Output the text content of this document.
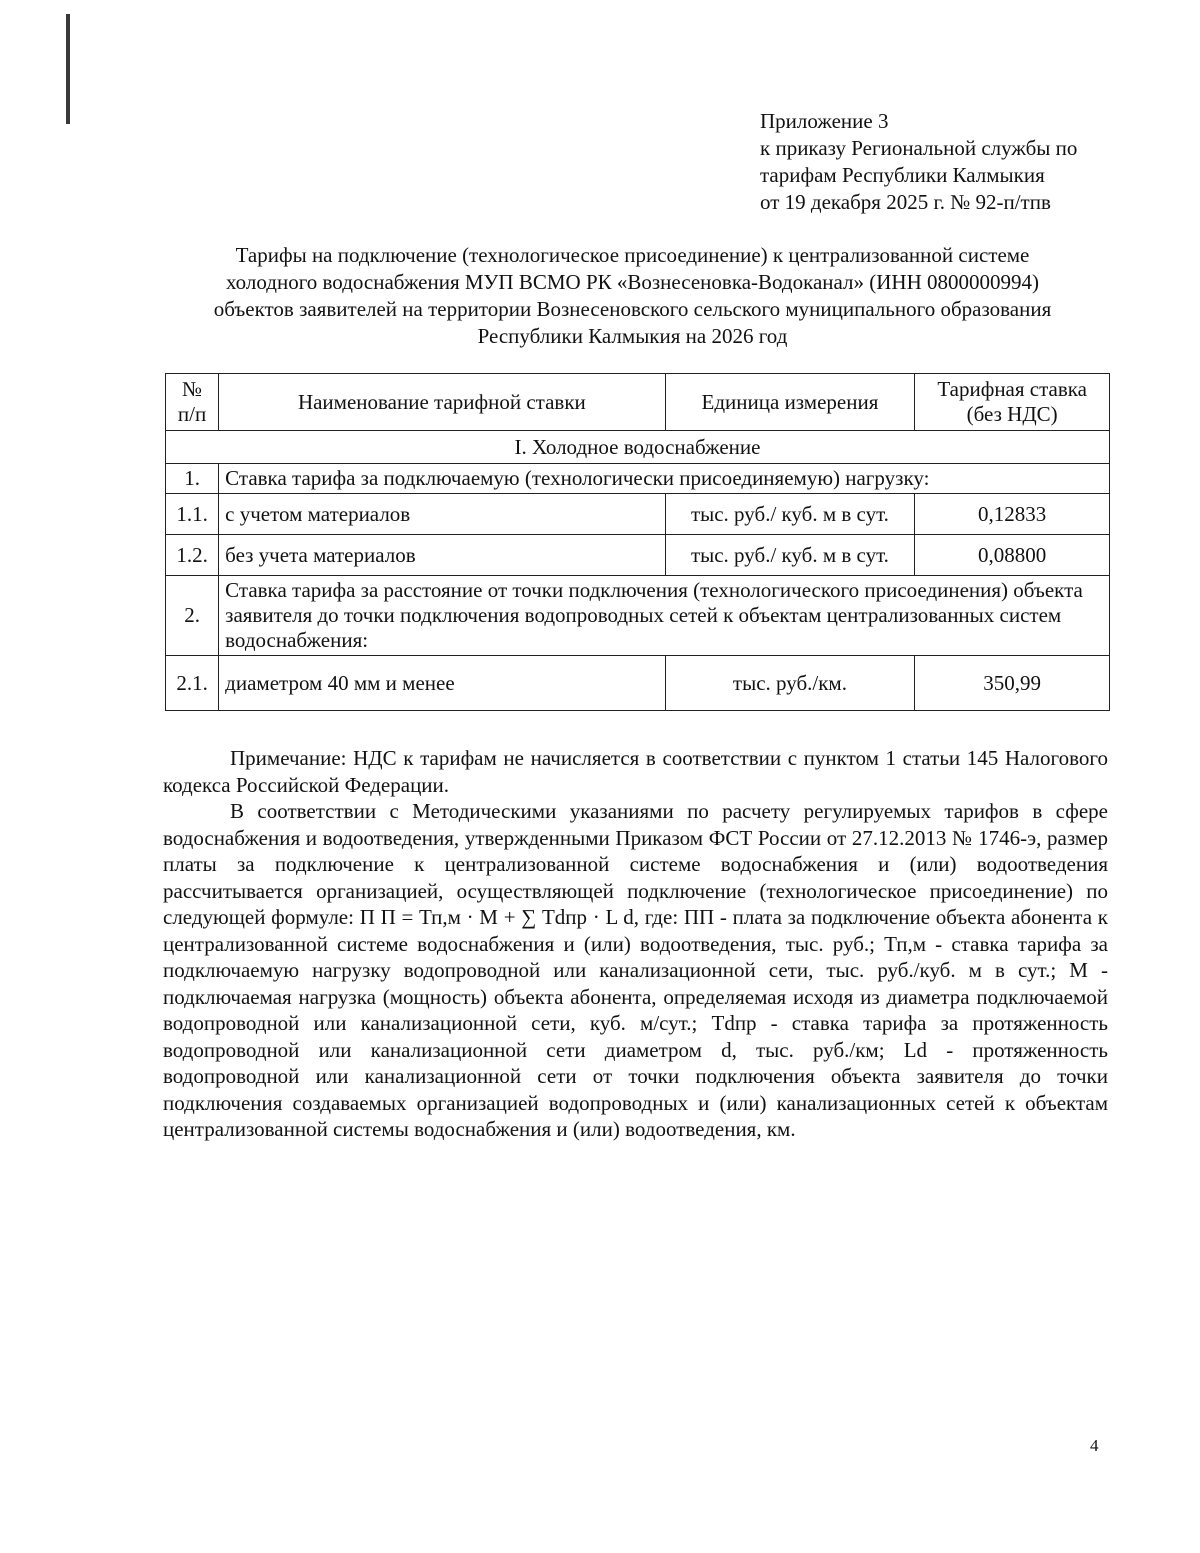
Приложение 3
к приказу Региональной службы по
тарифам Республики Калмыкия
от 19 декабря 2025 г. № 92-п/тпв
Тарифы на подключение (технологическое присоединение) к централизованной системе
холодного водоснабжения МУП ВСМО РК «Вознесеновка-Водоканал» (ИНН 0800000994)
объектов заявителей на территории Вознесеновского сельского муниципального образования
Республики Калмыкия на 2026 год
№ п/п	Наименование тарифной ставки	Единица измерения	Тарифная ставка (без НДС)
I. Холодное водоснабжение			
1.	Ставка тарифа за подключаемую (технологически присоединяемую) нагрузку:		
1.1.	с учетом материалов	тыс. руб./ куб. м в сут.	0,12833
1.2.	без учета материалов	тыс. руб./ куб. м в сут.	0,08800
2.	Ставка тарифа за расстояние от точки подключения (технологического присоединения) объекта заявителя до точки подключения водопроводных сетей к объектам централизованных систем водоснабжения:		
2.1.	диаметром 40 мм и менее	тыс. руб./км.	350,99

Примечание: НДС к тарифам не начисляется в соответствии с пунктом 1 статьи 145 Налогового кодекса Российской Федерации.

В соответствии с Методическими указаниями по расчету регулируемых тарифов в сфере водоснабжения и водоотведения, утвержденными Приказом ФСТ России от 27.12.2013 № 1746-э, размер платы за подключение к централизованной системе водоснабжения и (или) водоотведения рассчитывается организацией, осуществляющей подключение (технологическое присоединение) по следующей формуле: П П = Тп,м · М + ∑ Тdпр · L d, где: ПП - плата за подключение объекта абонента к централизованной системе водоснабжения и (или) водоотведения, тыс. руб.; Тп,м - ставка тарифа за подключаемую нагрузку водопроводной или канализационной сети, тыс. руб./куб. м в сут.; М - подключаемая нагрузка (мощность) объекта абонента, определяемая исходя из диаметра подключаемой водопроводной или канализационной сети, куб. м/сут.; Тdпр - ставка тарифа за протяженность водопроводной или канализационной сети диаметром d, тыс. руб./км; Ld - протяженность водопроводной или канализационной сети от точки подключения объекта заявителя до точки подключения создаваемых организацией водопроводных и (или) канализационных сетей к объектам централизованной системы водоснабжения и (или) водоотведения, км.

4
